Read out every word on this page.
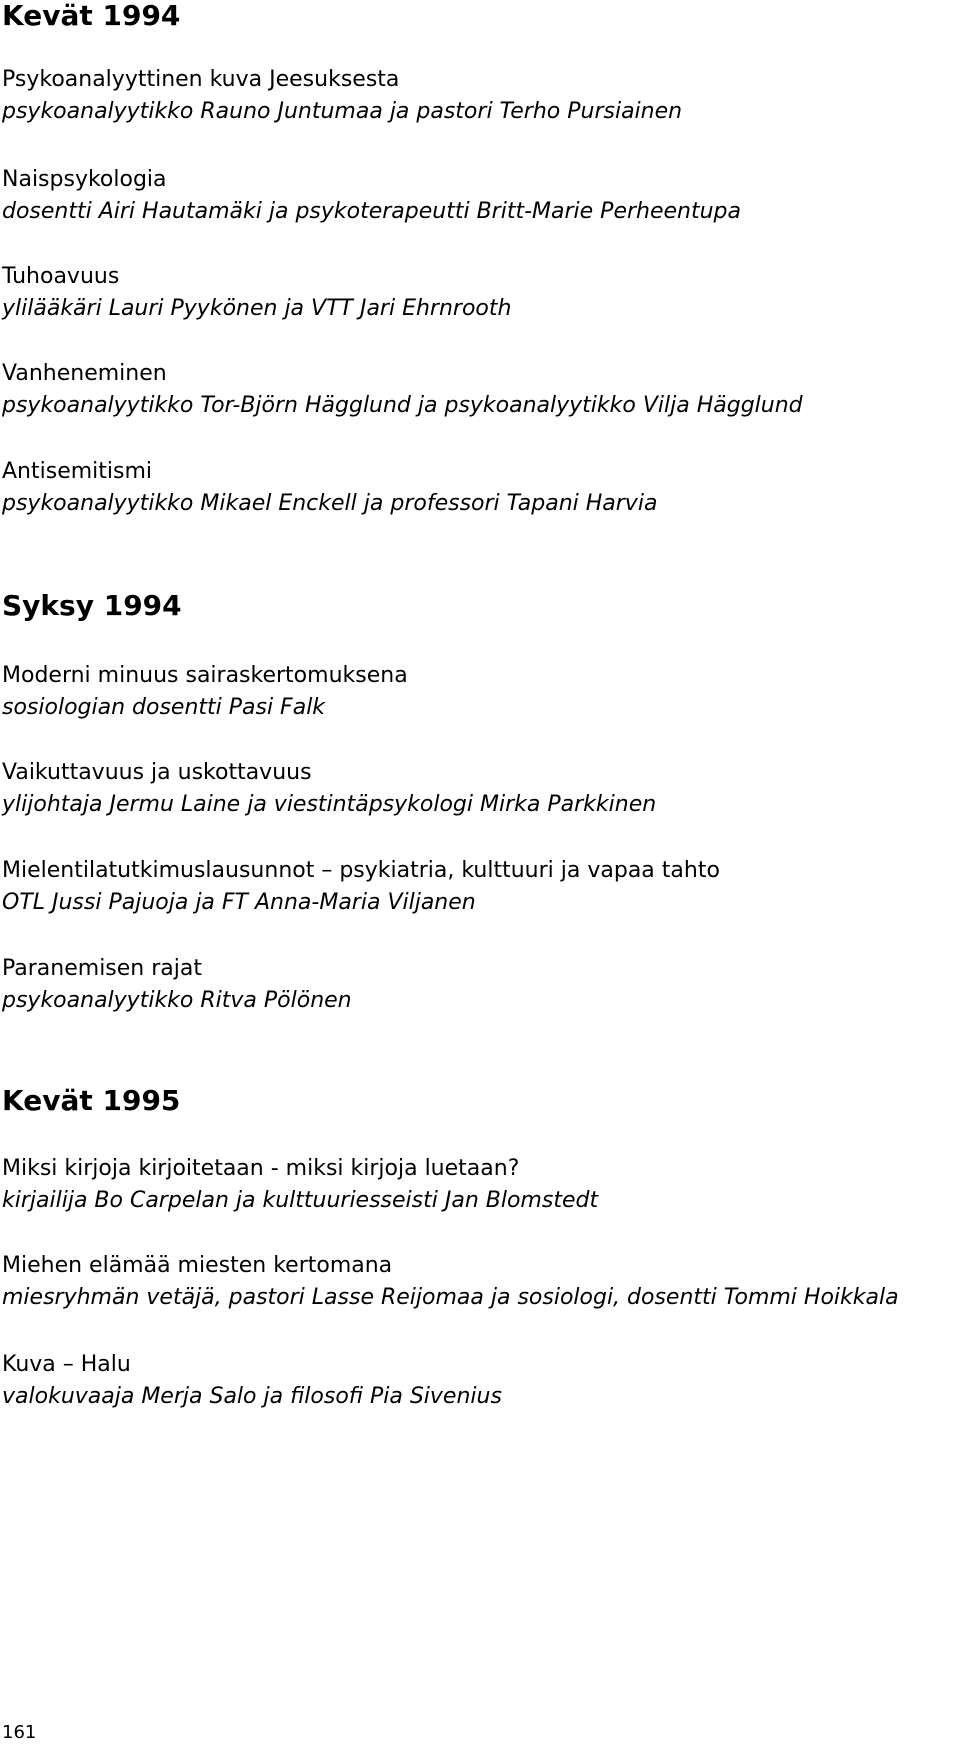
Kevät 1994
Psykoanalyyttinen kuva Jeesuksesta
psykoanalyytikko Rauno Juntumaa ja pastori Terho Pursiainen
Naispsykologia
dosentti Airi Hautamäki ja psykoterapeutti Britt-Marie Perheentupa
Tuhoavuus
ylilääkäri Lauri Pyykönen ja VTT Jari Ehrnrooth
Vanheneminen
psykoanalyytikko Tor-Björn Hägglund ja psykoanalyytikko Vilja Hägglund
Antisemitismi
psykoanalyytikko Mikael Enckell ja professori Tapani Harvia
Syksy 1994
Moderni minuus sairaskertomuksena
sosiologian dosentti Pasi Falk
Vaikuttavuus ja uskottavuus
ylijohtaja Jermu Laine ja viestintäpsykologi Mirka Parkkinen
Mielentilatutkimuslausunnot – psykiatria, kulttuuri ja vapaa tahto
OTL Jussi Pajuoja ja FT Anna-Maria Viljanen
Paranemisen rajat
psykoanalyytikko Ritva Pölönen
Kevät 1995
Miksi kirjoja kirjoitetaan - miksi kirjoja luetaan?
kirjailija Bo Carpelan ja kulttuuriesseisti Jan Blomstedt
Miehen elämää miesten kertomana
miesryhmän vetäjä, pastori Lasse Reijomaa ja sosiologi, dosentti Tommi Hoikkala
Kuva – Halu
valokuvaaja Merja Salo ja filosofi Pia Sivenius
161
